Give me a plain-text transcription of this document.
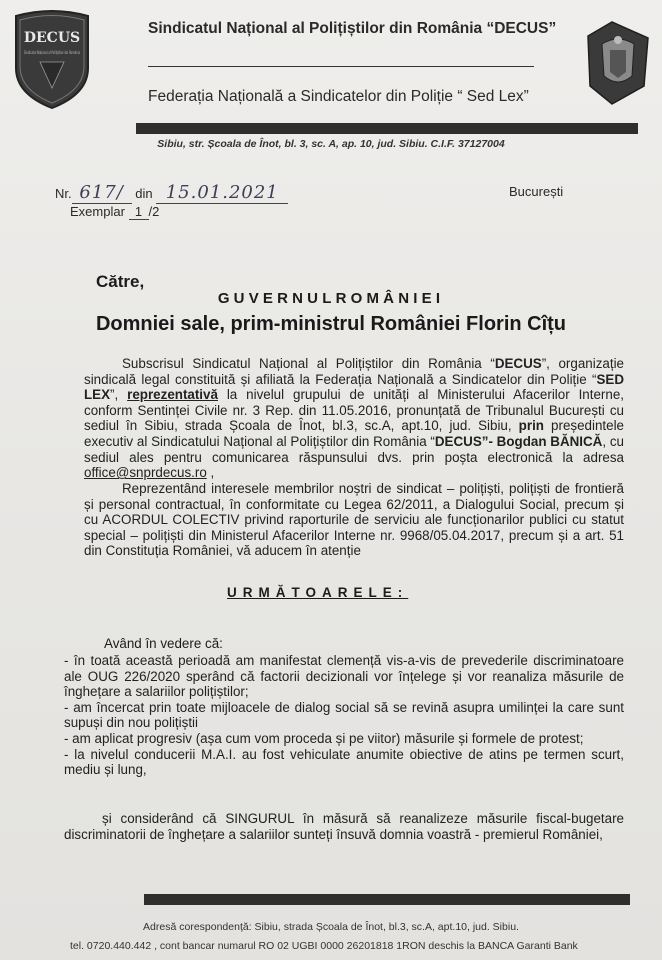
DECUS
Sindicatul Național al Polițiștilor din România
Sindicatul Național al Polițiștilor din România “DECUS”
Federația Națională a Sindicatelor din Poliție “ Sed Lex”
Sibiu, str. Școala de Înot, bl. 3, sc. A, ap. 10, jud. Sibiu. C.I.F. 37127004
Nr. 617/ din 15.01.2021
Exemplar 1 /2
București
Către,
GUVERNULROMÂNIEI
Domniei sale, prim-ministrul României Florin Cîțu
Subscrisul Sindicatul Național al Polițiștilor din România “DECUS”, organizație sindicală legal constituită și afiliată la Federația Națională a Sindicatelor din Poliție “SED LEX”, reprezentativă la nivelul grupului de unități al Ministerului Afacerilor Interne, conform Sentinței Civile nr. 3 Rep. din 11.05.2016, pronunțată de Tribunalul București cu sediul în Sibiu, strada Școala de Înot, bl.3, sc.A, apt.10, jud. Sibiu, prin președintele executiv al Sindicatului Național al Polițiștilor din România “DECUS”- Bogdan BĂNICĂ, cu sediul ales pentru comunicarea răspunsului dvs. prin poșta electronică la adresa office@snprdecus.ro ,
Reprezentând interesele membrilor noștri de sindicat – polițiști, polițiști de frontieră și personal contractual, în conformitate cu Legea 62/2011, a Dialogului Social, precum și cu ACORDUL COLECTIV privind raporturile de serviciu ale funcționarilor publici cu statut special – polițiști din Ministerul Afacerilor Interne nr. 9968/05.04.2017, precum și a art. 51 din Constituția României, vă aducem în atenție
URMĂTOARELE:
Având în vedere că:
- în toată această perioadă am manifestat clemență vis-a-vis de prevederile discriminatoare ale OUG 226/2020 sperând că factorii decizionali vor înțelege și vor reanaliza măsurile de înghețare a salariilor polițiștilor;
- am încercat prin toate mijloacele de dialog social să se revină asupra umilinței la care sunt supuși din nou polițiștii
- am aplicat progresiv (așa cum vom proceda și pe viitor) măsurile și formele de protest;
- la nivelul conducerii M.A.I. au fost vehiculate anumite obiective de atins pe termen scurt, mediu și lung,
și considerând că SINGURUL în măsură să reanalizeze măsurile fiscal-bugetare discriminatorii de înghețare a salariilor sunteți însuvă domnia voastră - premierul României,
Adresă corespondență: Sibiu, strada Școala de Înot, bl.3, sc.A, apt.10, jud. Sibiu.
tel. 0720.440.442 , cont bancar numarul RO 02 UGBI 0000 26201818 1RON deschis la BANCA Garanti Bank
